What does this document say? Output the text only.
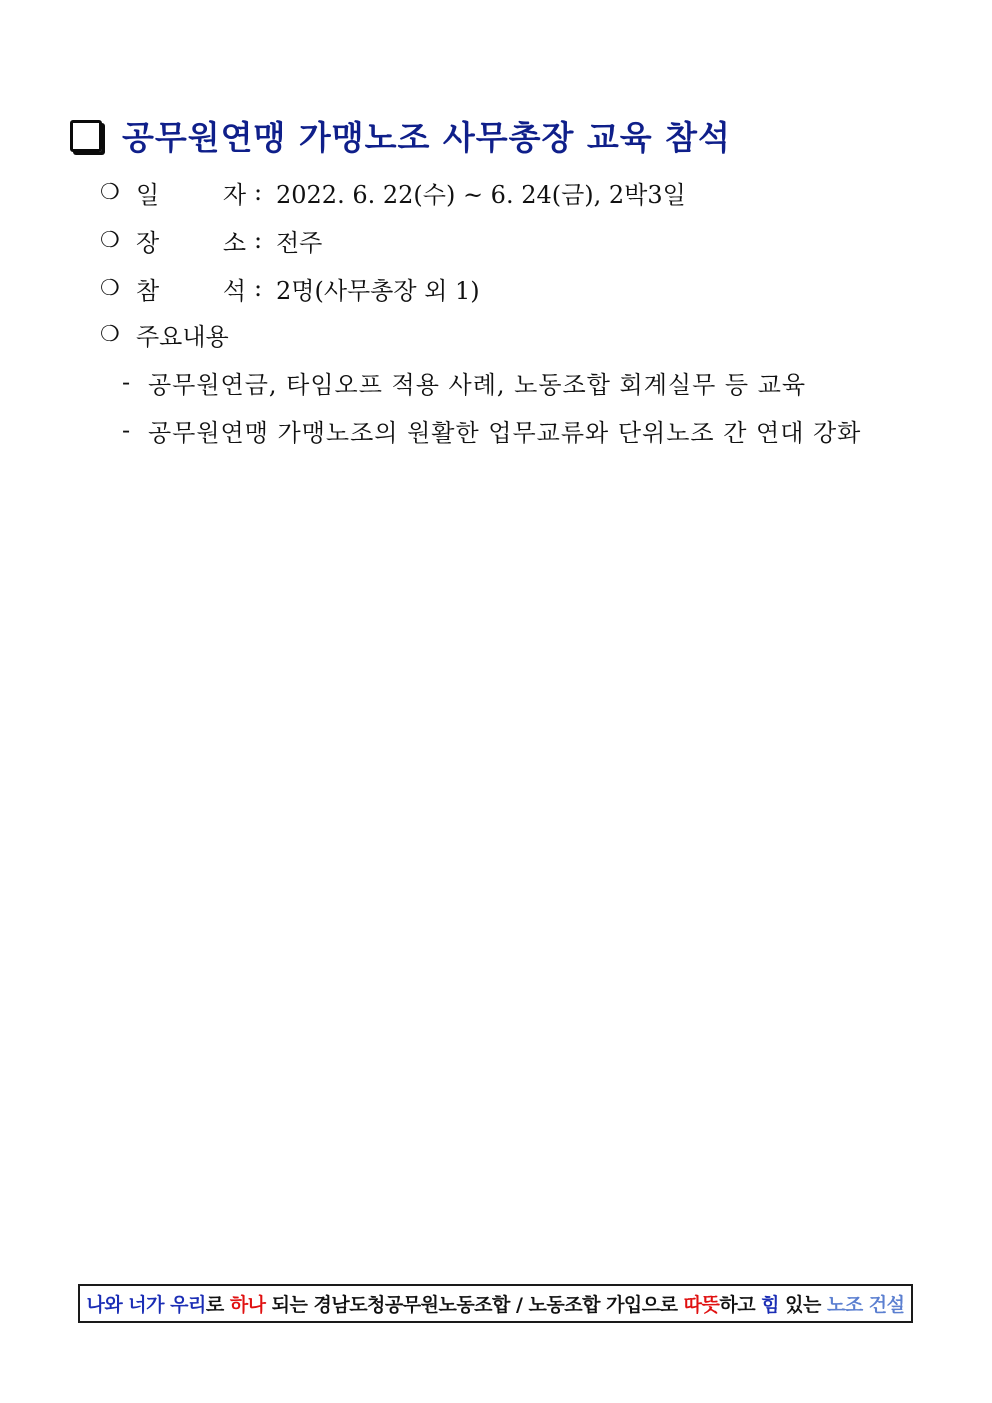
공무원연맹 가맹노조 사무총장 교육 참석
❍ 일	자 : 2022. 6. 22(수) ~ 6. 24(금), 2박3일
❍ 장	소 : 전주
❍ 참	석 : 2명(사무총장 외 1)
❍ 주요내용
- 공무원연금, 타임오프 적용 사례, 노동조합 회계실무 등 교육
- 공무원연맹 가맹노조의 원활한 업무교류와 단위노조 간 연대 강화
나와 너가 우리 로 하나 되는 경남도청공무원노동조합 / 노동조합 가입으로 따뜻 하고 힘 있는 노조 건설
